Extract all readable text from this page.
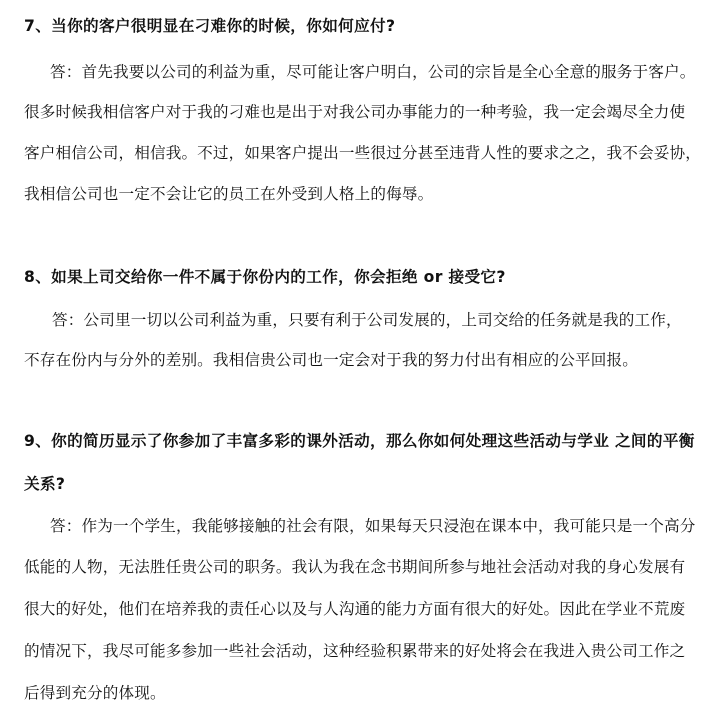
7、当你的客户很明显在刁难你的时候，你如何应付?
答：首先我要以公司的利益为重，尽可能让客户明白，公司的宗旨是全心全意的服务于客户。
很多时候我相信客户对于我的刁难也是出于对我公司办事能力的一种考验，我一定会竭尽全力使
客户相信公司，相信我。不过，如果客户提出一些很过分甚至违背人性的要求之之，我不会妥协，
我相信公司也一定不会让它的员工在外受到人格上的侮辱。
8、如果上司交给你一件不属于你份内的工作，你会拒绝 or 接受它?
答：公司里一切以公司利益为重，只要有利于公司发展的，上司交给的任务就是我的工作，
不存在份内与分外的差别。我相信贵公司也一定会对于我的努力付出有相应的公平回报。
9、你的简历显示了你参加了丰富多彩的课外活动，那么你如何处理这些活动与学业 之间的平衡
关系?
答：作为一个学生，我能够接触的社会有限，如果每天只浸泡在课本中，我可能只是一个高分
低能的人物，无法胜任贵公司的职务。我认为我在念书期间所参与地社会活动对我的身心发展有
很大的好处，他们在培养我的责任心以及与人沟通的能力方面有很大的好处。因此在学业不荒废
的情况下，我尽可能多参加一些社会活动，这种经验积累带来的好处将会在我进入贵公司工作之
后得到充分的体现。
